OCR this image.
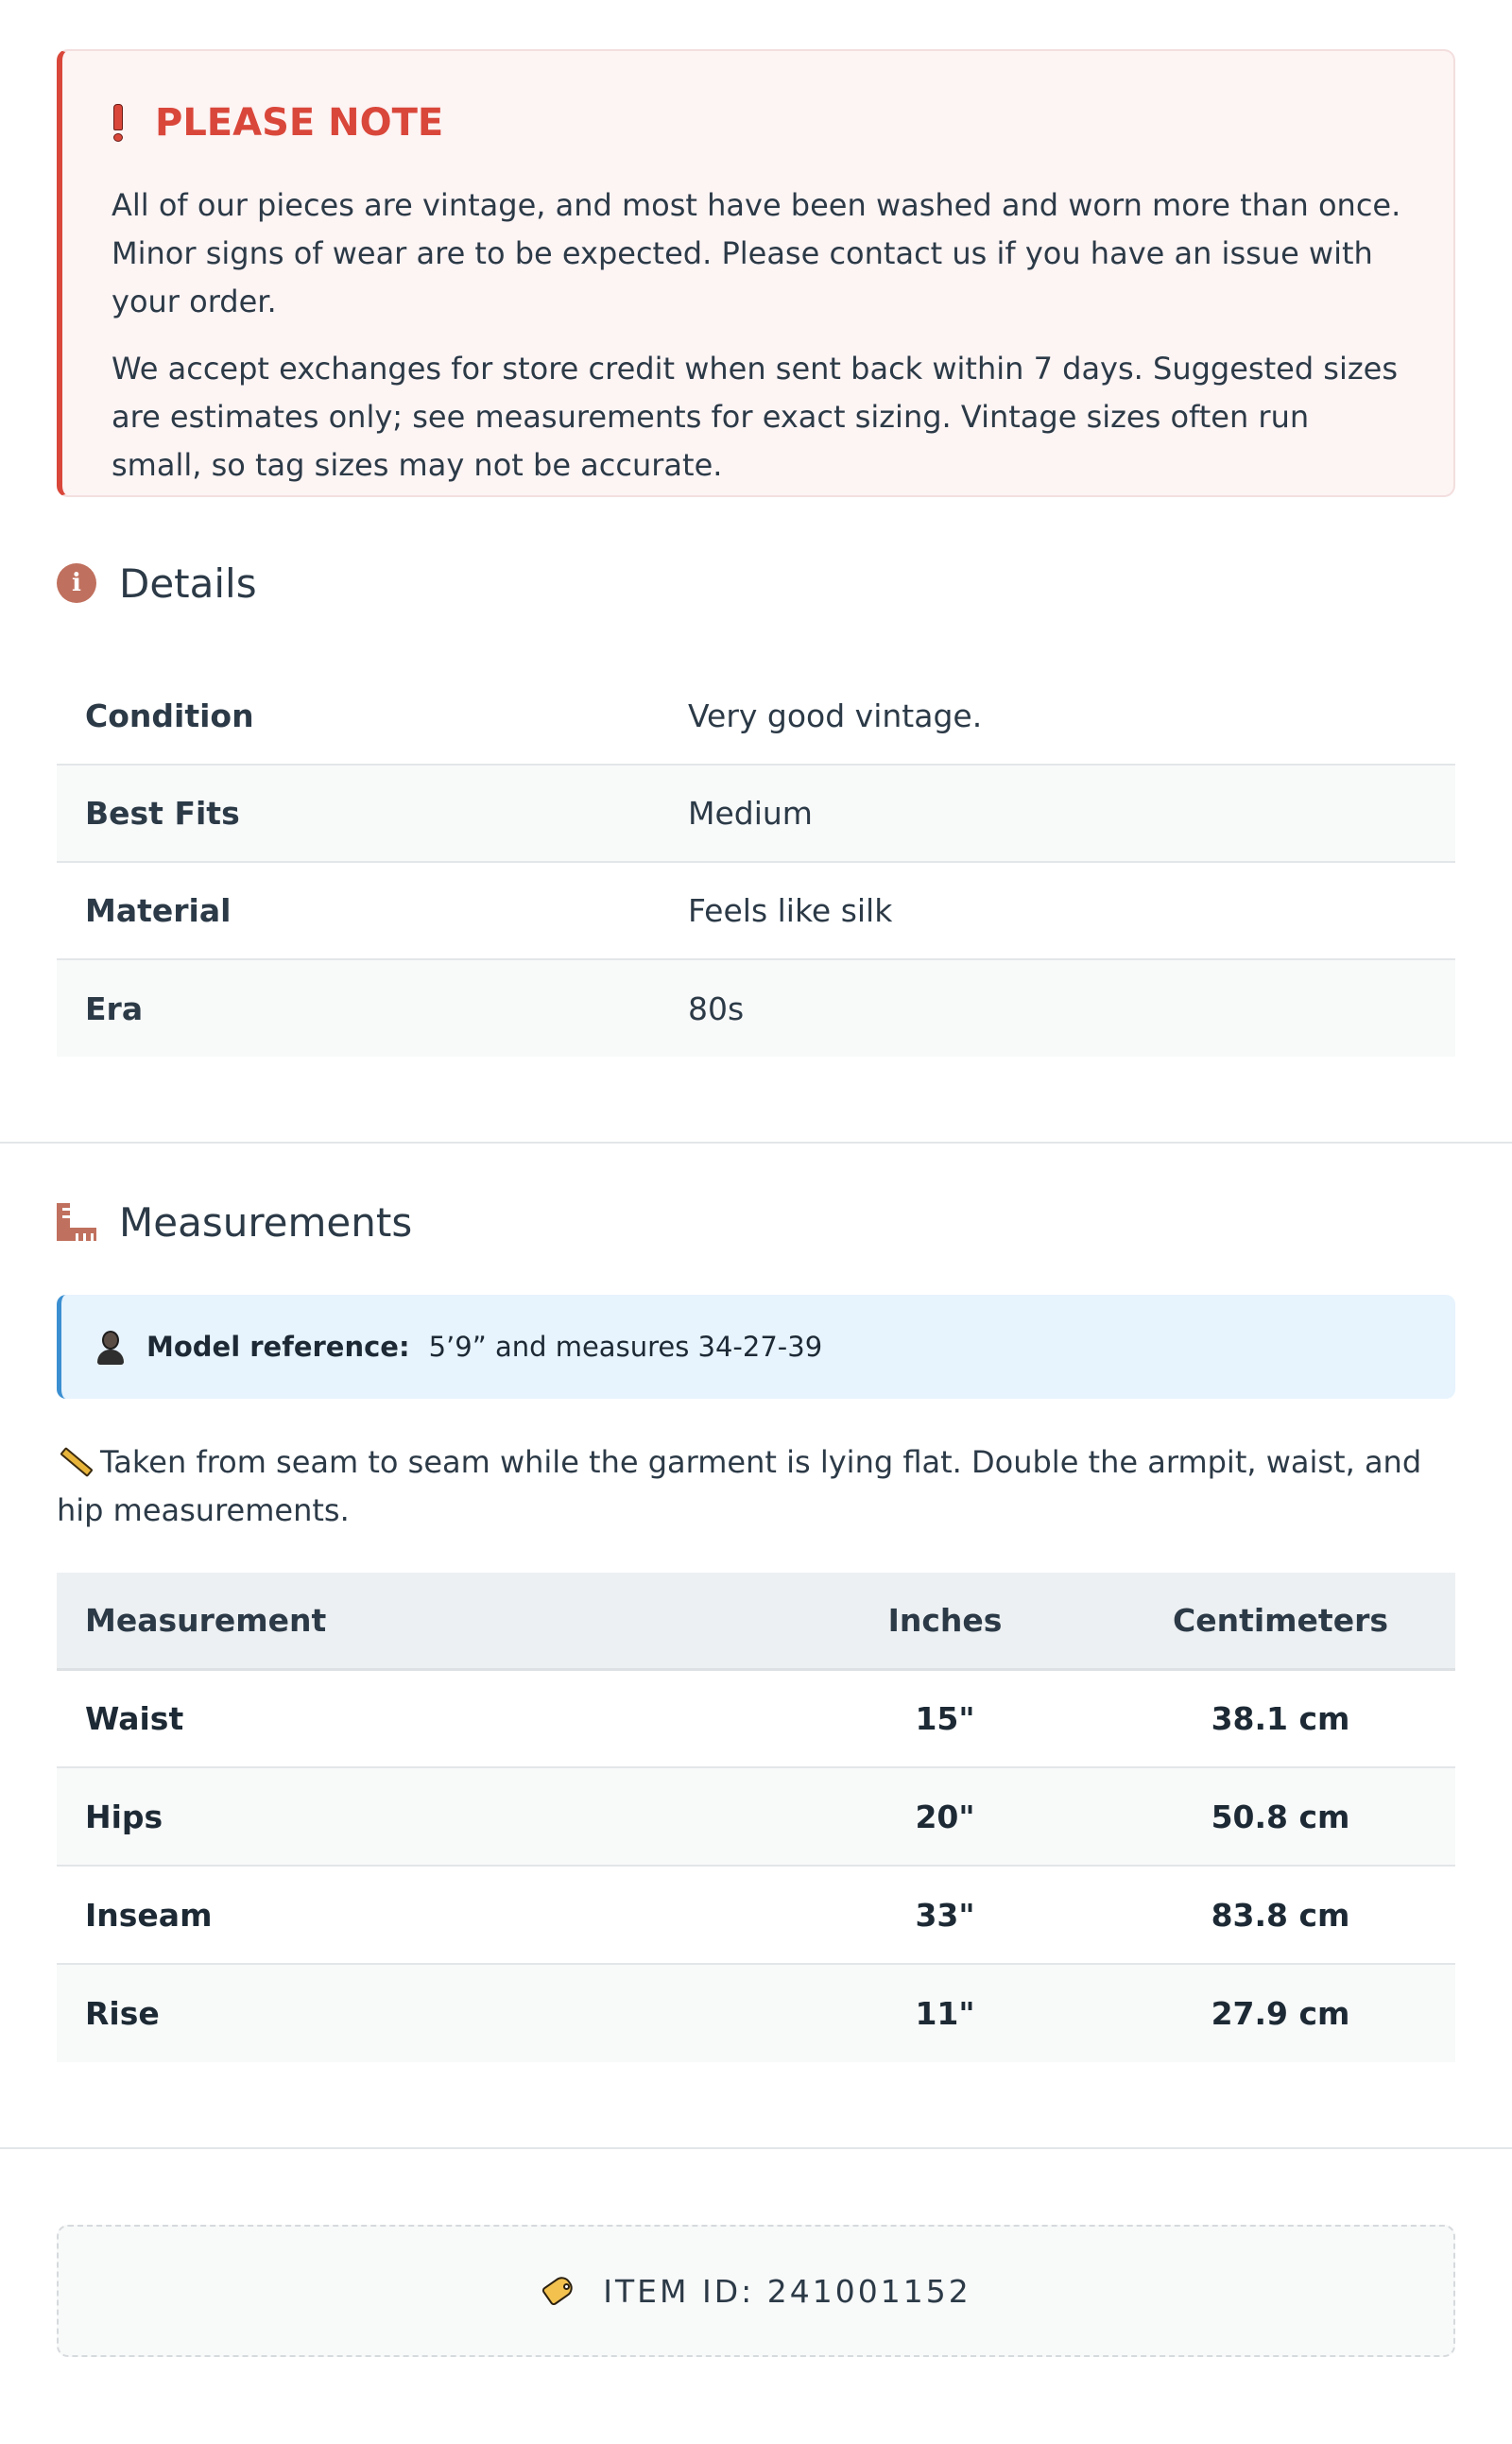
PLEASE NOTE

All of our pieces are vintage, and most have been washed and worn more than once. Minor signs of wear are to be expected. Please contact us if you have an issue with your order.

We accept exchanges for store credit when sent back within 7 days. Suggested sizes are estimates only; see measurements for exact sizing. Vintage sizes often run small, so tag sizes may not be accurate.

i Details
Condition	Very good vintage.
Best Fits	Medium
Material	Feels like silk
Era	80s
Measurements
Model reference: 5’9” and measures 34-27-39
Taken from seam to seam while the garment is lying flat. Double the armpit, waist, and hip measurements.
Measurement	Inches	Centimeters
Waist	15"	38.1 cm
Hips	20"	50.8 cm
Inseam	33"	83.8 cm
Rise	11"	27.9 cm
ITEM ID: 241001152
